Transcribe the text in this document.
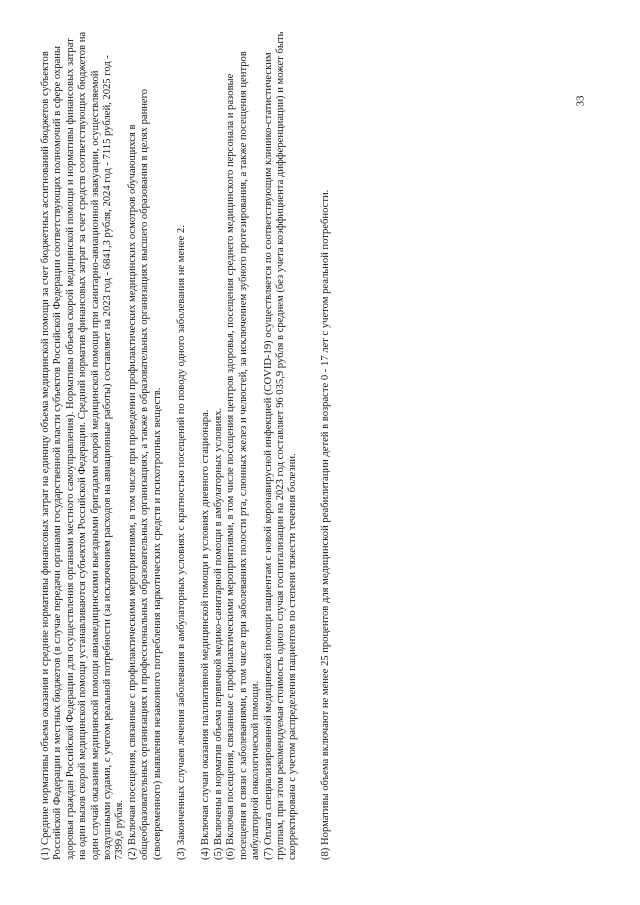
(1) Средние нормативы объема оказания и средние нормативы финансовых затрат на единицу объема медицинской помощи за счет бюджетных ассигнований бюджетов субъектов Российской Федерации и местных бюджетов (в случае передачи органами государственной власти субъектов Российской Федерации соответствующих полномочий в сфере охраны здоровья граждан Российской Федерации для осуществления органами местного самоуправления). Нормативы объема скорой медицинской помощи и нормативы финансовых затрат на один вызов скорой медицинской помощи устанавливаются субъектом Российской Федерации. Средний норматив финансовых затрат за счет средств соответствующих бюджетов на один случай оказания медицинской помощи авиамедицинскими выездными бригадами скорой медицинской помощи при санитарно-авиационной эвакуации, осуществляемой воздушными судами, с учетом реальной потребности (за исключением расходов на авиационные работы) составляет на 2023 год - 6841,3 рубля, 2024 год - 7115 рублей, 2025 год - 7399,6 рубля. (2) Включая посещения, связанные с профилактическими мероприятиями, в том числе при проведении профилактических медицинских осмотров обучающихся в общеобразовательных организациях и профессиональных образовательных организациях, а также в образовательных организациях высшего образования в целях раннего (своевременного) выявления незаконного потребления наркотических средств и психотропных веществ. (3) Законченных случаев лечения заболевания в амбулаторных условиях с кратностью посещений по поводу одного заболевания не менее 2. (4) Включая случаи оказания паллиативной медицинской помощи в условиях дневного стационара. (5) Включены в норматив объема первичной медико-санитарной помощи в амбулаторных условиях. (6) Включая посещения, связанные с профилактическими мероприятиями, в том числе посещения центров здоровья, посещения среднего медицинского персонала и разовые посещения в связи с заболеваниями, в том числе при заболеваниях полости рта, слюнных желез и челюстей, за исключением зубного протезирования, а также посещения центров амбулаторной онкологической помощи. (7) Оплата специализированной медицинской помощи пациентам с новой коронавирусной инфекцией (COVID-19) осуществляется по соответствующим клинико-статистическим группам, при этом рекомендуемая стоимость одного случая госпитализации на 2023 год составляет 96 035,9 рубля в среднем (без учета коэффициента дифференциации) и может быть скорректирована с учетом распределения пациентов по степени тяжести течения болезни. (8) Нормативы объема включают не менее 25 процентов для медицинской реабилитации детей в возрасте 0 - 17 лет с учетом реальной потребности.

33
